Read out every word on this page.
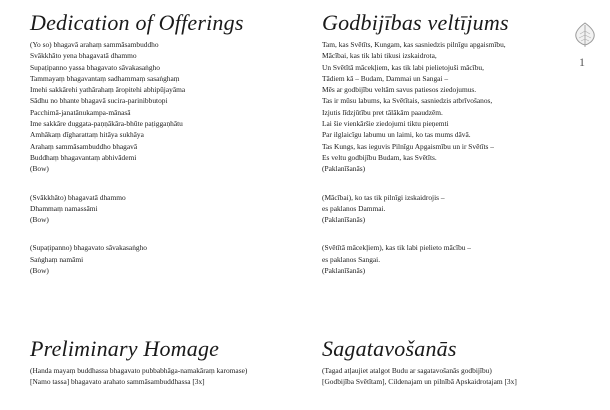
Dedication of Offerings
(Yo so) bhagavā arahaṃ sammāsambuddho
Svākkhāto yena bhagavatā dhammo
Supaṭipanno yassa bhagavato sāvakasaṅgho
Tammayaṃ bhagavantaṃ sadhammaṃ sasaṅghaṃ
Imehi sakkārehi yathārahaṃ āropitehi abhipūjayāma
Sādhu no bhante bhagavā sucira-parinibbutopi
Pacchimā-janatānukampa-mānasā
Ime sakkāre duggata-paṇṇākāra-bhūte paṭiggaṇhātu
Amhākaṃ dīgharattaṃ hitāya sukhāya
Arahaṃ sammāsambuddho bhagavā
Buddhaṃ bhagavantaṃ abhivādemi
(Bow)
(Svākkhāto) bhagavatā dhammo
Dhammaṃ namassāmi
(Bow)
(Supaṭipanno) bhagavato sāvakasaṅgho
Saṅghaṃ namāmi
(Bow)
Godbijības veltījums
Tam, kas Svētīts, Kungam, kas sasniedzis pilnīgu apgaismību,
Mācībai, kas tik labi tikusi izskaidrota,
Un Svētītā mācekļiem, kas tik labi pielietojuši mācību,
Tādiem kā – Budam, Dammai un Sangai –
Mēs ar godbijību veltām savus patiesos ziedojumus.
Tas ir mūsu labums, ka Svētītais, sasniedzis atbrīvošanos,
Izjutis līdzjūtību pret tālākām paaudzēm.
Lai šie vienkāršie ziedojumi tiktu pieņemti
Par ilglaicīgu labumu un laimi, ko tas mums dāvā.
Tas Kungs, kas ieguvis Pilnīgu Apgaismību un ir Svētīts –
Es veltu godbijību Budam, kas Svētīts.
(Paklanīšanās)
(Mācībai), ko tas tik pilnīgi izskaidrojis –
es paklanos Dammai.
(Paklanīšanās)
(Svētītā mācekļiem), kas tik labi pielieto mācību –
es paklanos Sangai.
(Paklanīšanās)
Preliminary Homage
(Handa mayaṃ buddhassa bhagavato pubbabhāga-namakāraṃ karomase)
[Namo tassa] bhagavato arahato sammāsambuddhassa [3x]
Sagatavošanās
(Tagad atļaujiet atalgot Budu ar sagatavošanās godbijību)
[Godbijība Svētītam], Cildenajam un pilnībā Apskaidrotajam [3x]
1
